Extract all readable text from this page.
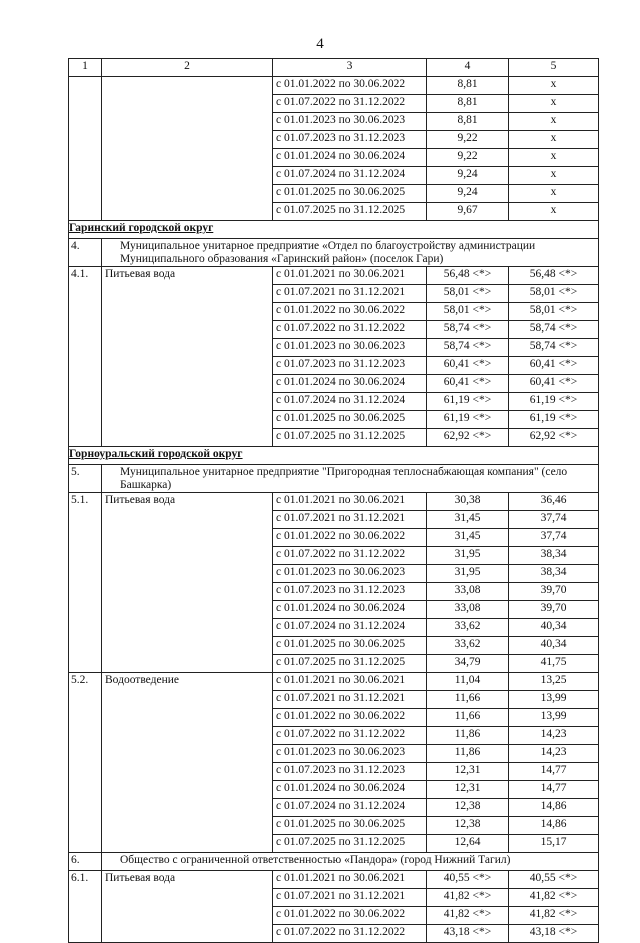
4
1	2	3	4	5
		с 01.01.2022 по 30.06.2022	8,81	x
		с 01.07.2022 по 31.12.2022	8,81	x
		с 01.01.2023 по 30.06.2023	8,81	x
		с 01.07.2023 по 31.12.2023	9,22	x
		с 01.01.2024 по 30.06.2024	9,22	x
		с 01.07.2024 по 31.12.2024	9,24	x
		с 01.01.2025 по 30.06.2025	9,24	x
		с 01.07.2025 по 31.12.2025	9,67	x
Гаринский городской округ				
4.	Муниципальное унитарное предприятие «Отдел по благоустройству администрации Муниципального образования «Гаринский район» (поселок Гари)			
4.1.	Питьевая вода	с 01.01.2021 по 30.06.2021	56,48 <*>	56,48 <*>
		с 01.07.2021 по 31.12.2021	58,01 <*>	58,01 <*>
		с 01.01.2022 по 30.06.2022	58,01 <*>	58,01 <*>
		с 01.07.2022 по 31.12.2022	58,74 <*>	58,74 <*>
		с 01.01.2023 по 30.06.2023	58,74 <*>	58,74 <*>
		с 01.07.2023 по 31.12.2023	60,41 <*>	60,41 <*>
		с 01.01.2024 по 30.06.2024	60,41 <*>	60,41 <*>
		с 01.07.2024 по 31.12.2024	61,19 <*>	61,19 <*>
		с 01.01.2025 по 30.06.2025	61,19 <*>	61,19 <*>
		с 01.07.2025 по 31.12.2025	62,92 <*>	62,92 <*>
Горноуральский городской округ				
5.	Муниципальное унитарное предприятие "Пригородная теплоснабжающая компания" (село Башкарка)			
5.1.	Питьевая вода	с 01.01.2021 по 30.06.2021	30,38	36,46
		с 01.07.2021 по 31.12.2021	31,45	37,74
		с 01.01.2022 по 30.06.2022	31,45	37,74
		с 01.07.2022 по 31.12.2022	31,95	38,34
		с 01.01.2023 по 30.06.2023	31,95	38,34
		с 01.07.2023 по 31.12.2023	33,08	39,70
		с 01.01.2024 по 30.06.2024	33,08	39,70
		с 01.07.2024 по 31.12.2024	33,62	40,34
		с 01.01.2025 по 30.06.2025	33,62	40,34
		с 01.07.2025 по 31.12.2025	34,79	41,75
5.2.	Водоотведение	с 01.01.2021 по 30.06.2021	11,04	13,25
		с 01.07.2021 по 31.12.2021	11,66	13,99
		с 01.01.2022 по 30.06.2022	11,66	13,99
		с 01.07.2022 по 31.12.2022	11,86	14,23
		с 01.01.2023 по 30.06.2023	11,86	14,23
		с 01.07.2023 по 31.12.2023	12,31	14,77
		с 01.01.2024 по 30.06.2024	12,31	14,77
		с 01.07.2024 по 31.12.2024	12,38	14,86
		с 01.01.2025 по 30.06.2025	12,38	14,86
		с 01.07.2025 по 31.12.2025	12,64	15,17
6.	Общество с ограниченной ответственностью «Пандора» (город Нижний Тагил)			
6.1.	Питьевая вода	с 01.01.2021 по 30.06.2021	40,55 <*>	40,55 <*>
		с 01.07.2021 по 31.12.2021	41,82 <*>	41,82 <*>
		с 01.01.2022 по 30.06.2022	41,82 <*>	41,82 <*>
		с 01.07.2022 по 31.12.2022	43,18 <*>	43,18 <*>
